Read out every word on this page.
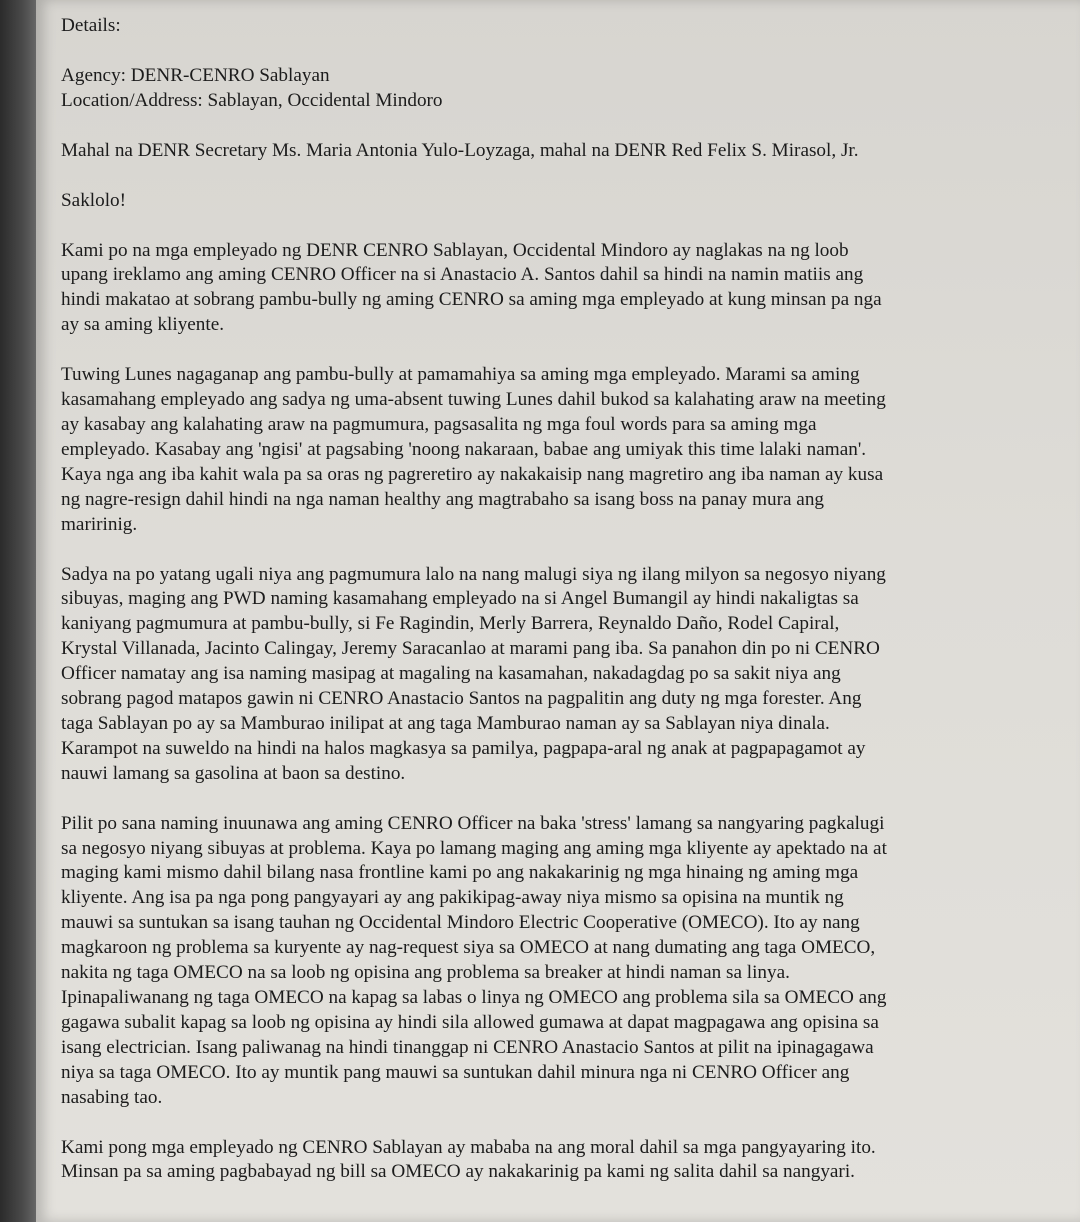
Details:

Agency: DENR-CENRO Sablayan

Location/Address: Sablayan, Occidental Mindoro

Mahal na DENR Secretary Ms. Maria Antonia Yulo-Loyzaga, mahal na DENR Red Felix S. Mirasol, Jr.

Saklolo!

Kami po na mga empleyado ng DENR CENRO Sablayan, Occidental Mindoro ay naglakas na ng loob

upang ireklamo ang aming CENRO Officer na si Anastacio A. Santos dahil sa hindi na namin matiis ang

hindi makatao at sobrang pambu-bully ng aming CENRO sa aming mga empleyado at kung minsan pa nga

ay sa aming kliyente.

Tuwing Lunes nagaganap ang pambu-bully at pamamahiya sa aming mga empleyado. Marami sa aming

kasamahang empleyado ang sadya ng uma-absent tuwing Lunes dahil bukod sa kalahating araw na meeting

ay kasabay ang kalahating araw na pagmumura, pagsasalita ng mga foul words para sa aming mga

empleyado. Kasabay ang 'ngisi' at pagsabing 'noong nakaraan, babae ang umiyak this time lalaki naman'.

Kaya nga ang iba kahit wala pa sa oras ng pagreretiro ay nakakaisip nang magretiro ang iba naman ay kusa

ng nagre-resign dahil hindi na nga naman healthy ang magtrabaho sa isang boss na panay mura ang

maririnig.

Sadya na po yatang ugali niya ang pagmumura lalo na nang malugi siya ng ilang milyon sa negosyo niyang

sibuyas, maging ang PWD naming kasamahang empleyado na si Angel Bumangil ay hindi nakaligtas sa

kaniyang pagmumura at pambu-bully, si Fe Ragindin, Merly Barrera, Reynaldo Daño, Rodel Capiral,

Krystal Villanada, Jacinto Calingay, Jeremy Saracanlao at marami pang iba. Sa panahon din po ni CENRO

Officer namatay ang isa naming masipag at magaling na kasamahan, nakadagdag po sa sakit niya ang

sobrang pagod matapos gawin ni CENRO Anastacio Santos na pagpalitin ang duty ng mga forester. Ang

taga Sablayan po ay sa Mamburao inilipat at ang taga Mamburao naman ay sa Sablayan niya dinala.

Karampot na suweldo na hindi na halos magkasya sa pamilya, pagpapa-aral ng anak at pagpapagamot ay

nauwi lamang sa gasolina at baon sa destino.

Pilit po sana naming inuunawa ang aming CENRO Officer na baka 'stress' lamang sa nangyaring pagkalugi

sa negosyo niyang sibuyas at problema. Kaya po lamang maging ang aming mga kliyente ay apektado na at

maging kami mismo dahil bilang nasa frontline kami po ang nakakarinig ng mga hinaing ng aming mga

kliyente. Ang isa pa nga pong pangyayari ay ang pakikipag-away niya mismo sa opisina na muntik ng

mauwi sa suntukan sa isang tauhan ng Occidental Mindoro Electric Cooperative (OMECO). Ito ay nang

magkaroon ng problema sa kuryente ay nag-request siya sa OMECO at nang dumating ang taga OMECO,

nakita ng taga OMECO na sa loob ng opisina ang problema sa breaker at hindi naman sa linya.

Ipinapaliwanang ng taga OMECO na kapag sa labas o linya ng OMECO ang problema sila sa OMECO ang

gagawa subalit kapag sa loob ng opisina ay hindi sila allowed gumawa at dapat magpagawa ang opisina sa

isang electrician. Isang paliwanag na hindi tinanggap ni CENRO Anastacio Santos at pilit na ipinagagawa

niya sa taga OMECO. Ito ay muntik pang mauwi sa suntukan dahil minura nga ni CENRO Officer ang

nasabing tao.

Kami pong mga empleyado ng CENRO Sablayan ay mababa na ang moral dahil sa mga pangyayaring ito.

Minsan pa sa aming pagbabayad ng bill sa OMECO ay nakakarinig pa kami ng salita dahil sa nangyari.
